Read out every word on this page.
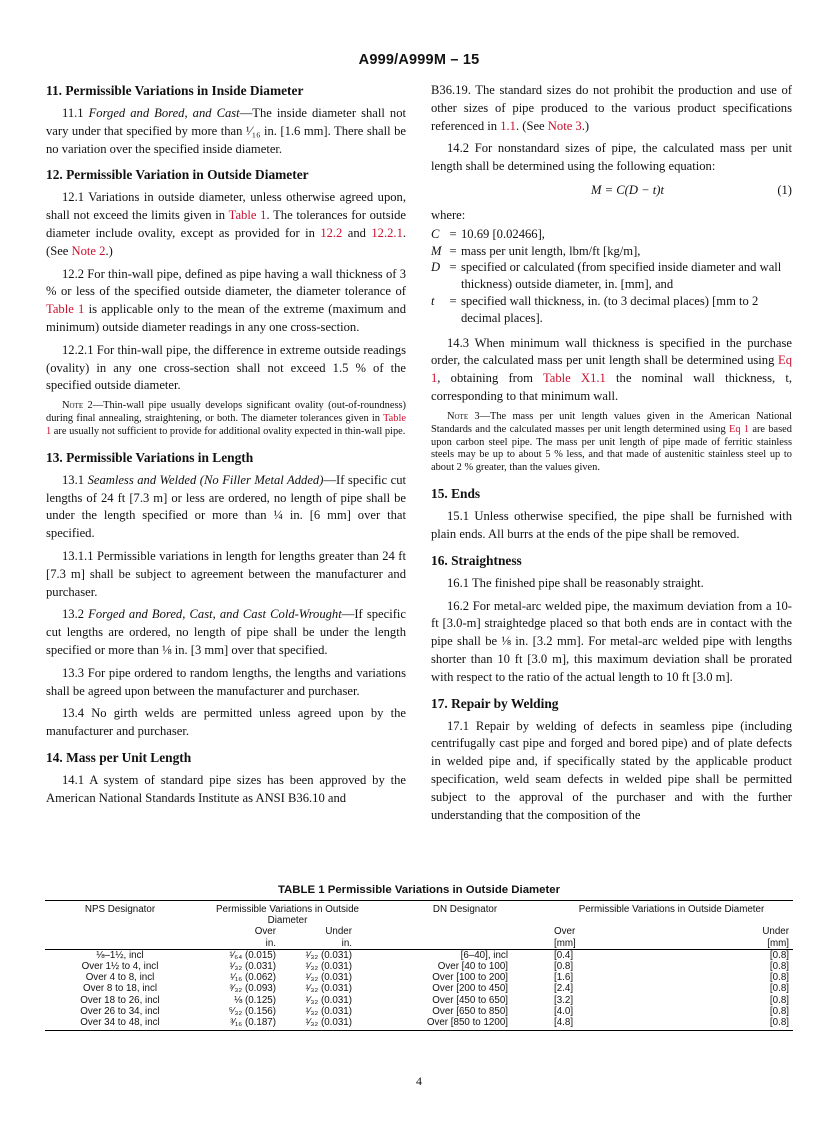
A999/A999M – 15
11. Permissible Variations in Inside Diameter

11.1 Forged and Bored, and Cast—The inside diameter shall not vary under that specified by more than ¹⁄₁₆ in. [1.6 mm]. There shall be no variation over the specified inside diameter.

12. Permissible Variation in Outside Diameter

12.1 Variations in outside diameter, unless otherwise agreed upon, shall not exceed the limits given in Table 1. The tolerances for outside diameter include ovality, except as provided for in 12.2 and 12.2.1. (See Note 2.)

12.2 For thin-wall pipe, defined as pipe having a wall thickness of 3 % or less of the specified outside diameter, the diameter tolerance of Table 1 is applicable only to the mean of the extreme (maximum and minimum) outside diameter readings in any one cross-section.

12.2.1 For thin-wall pipe, the difference in extreme outside readings (ovality) in any one cross-section shall not exceed 1.5 % of the specified outside diameter.

Note 2—Thin-wall pipe usually develops significant ovality (out-of-roundness) during final annealing, straightening, or both. The diameter tolerances given in Table 1 are usually not sufficient to provide for additional ovality expected in thin-wall pipe.
13. Permissible Variations in Length

13.1 Seamless and Welded (No Filler Metal Added)—If specific cut lengths of 24 ft [7.3 m] or less are ordered, no length of pipe shall be under the length specified or more than ¼ in. [6 mm] over that specified.

13.1.1 Permissible variations in length for lengths greater than 24 ft [7.3 m] shall be subject to agreement between the manufacturer and purchaser.

13.2 Forged and Bored, Cast, and Cast Cold-Wrought—If specific cut lengths are ordered, no length of pipe shall be under the length specified or more than ⅛ in. [3 mm] over that specified.

13.3 For pipe ordered to random lengths, the lengths and variations shall be agreed upon between the manufacturer and purchaser.

13.4 No girth welds are permitted unless agreed upon by the manufacturer and purchaser.

14. Mass per Unit Length

14.1 A system of standard pipe sizes has been approved by the American National Standards Institute as ANSI B36.10 and

B36.19. The standard sizes do not prohibit the production and use of other sizes of pipe produced to the various product specifications referenced in 1.1. (See Note 3.)

14.2 For nonstandard sizes of pipe, the calculated mass per unit length shall be determined using the following equation:

M = C(D − t)t	(1)
where:
C = 10.69 [0.02466],
M = mass per unit length, lbm/ft [kg/m],
D = specified or calculated (from specified inside diameter and wall thickness) outside diameter, in. [mm], and
t	= specified wall thickness, in. (to 3 decimal places) [mm to 2 decimal places].

14.3 When minimum wall thickness is specified in the purchase order, the calculated mass per unit length shall be determined using Eq 1, obtaining from Table X1.1 the nominal wall thickness, t, corresponding to that minimum wall.

Note 3—The mass per unit length values given in the American National Standards and the calculated masses per unit length determined using Eq 1 are based upon carbon steel pipe. The mass per unit length of pipe made of ferritic stainless steels may be up to about 5 % less, and that made of austenitic stainless steel up to about 2 % greater, than the values given.
15. Ends

15.1 Unless otherwise specified, the pipe shall be furnished with plain ends. All burrs at the ends of the pipe shall be removed.

16. Straightness

16.1 The finished pipe shall be reasonably straight.

16.2 For metal-arc welded pipe, the maximum deviation from a 10-ft [3.0-m] straightedge placed so that both ends are in contact with the pipe shall be ⅛ in. [3.2 mm]. For metal-arc welded pipe with lengths shorter than 10 ft [3.0 m], this maximum deviation shall be prorated with respect to the ratio of the actual length to 10 ft [3.0 m].

17. Repair by Welding

17.1 Repair by welding of defects in seamless pipe (including centrifugally cast pipe and forged and bored pipe) and of plate defects in welded pipe and, if specifically stated by the applicable product specification, weld seam defects in welded pipe shall be permitted subject to the approval of the purchaser and with the further understanding that the composition of the

TABLE 1 Permissible Variations in Outside Diameter
NPS Designator	Permissible Variations in Outside Diameter		DN Designator	Permissible Variations in Outside Diameter	
	Over	Under		Over	Under
	in.	in.		[mm]	[mm]
⅛–1½, incl	¹⁄₆₄ (0.015)	¹⁄₃₂ (0.031)	[6–40], incl	[0.4]	[0.8]
Over 1½ to 4, incl	¹⁄₃₂ (0.031)	¹⁄₃₂ (0.031)	Over [40 to 100]	[0.8]	[0.8]
Over 4 to 8, incl	¹⁄₁₆ (0.062)	¹⁄₃₂ (0.031)	Over [100 to 200]	[1.6]	[0.8]
Over 8 to 18, incl	³⁄₃₂ (0.093)	¹⁄₃₂ (0.031)	Over [200 to 450]	[2.4]	[0.8]
Over 18 to 26, incl	⅛ (0.125)	¹⁄₃₂ (0.031)	Over [450 to 650]	[3.2]	[0.8]
Over 26 to 34, incl	⁵⁄₃₂ (0.156)	¹⁄₃₂ (0.031)	Over [650 to 850]	[4.0]	[0.8]
Over 34 to 48, incl	³⁄₁₆ (0.187)	¹⁄₃₂ (0.031)	Over [850 to 1200]	[4.8]	[0.8]
4
